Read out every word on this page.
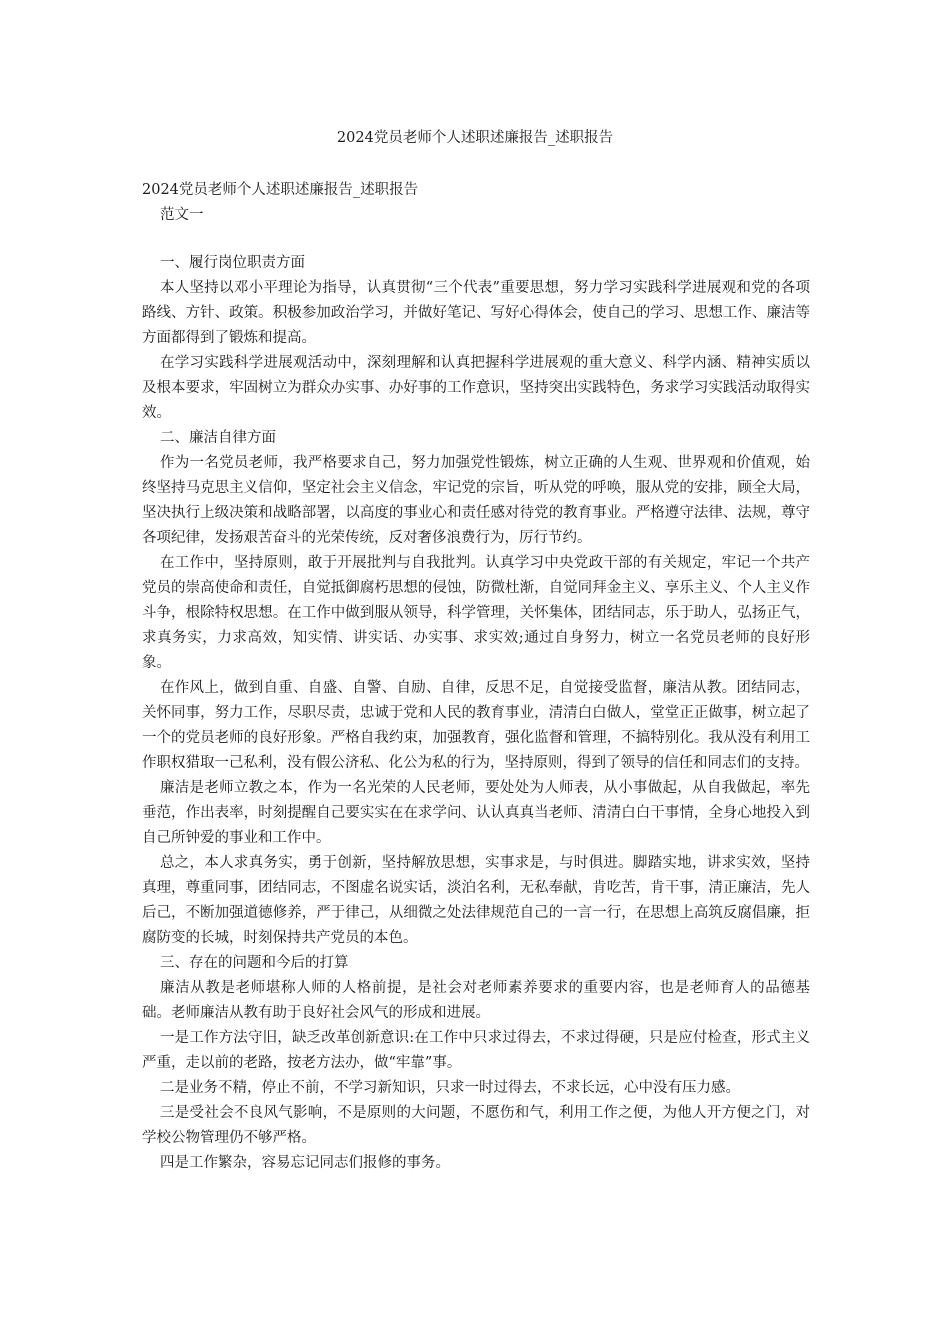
2024党员老师个人述职述廉报告_述职报告

2024党员老师个人述职述廉报告_述职报告

范文一

一、履行岗位职责方面

本人坚持以邓小平理论为指导，认真贯彻“三个代表”重要思想，努力学习实践科学进展观和党的各项路线、方针、政策。积极参加政治学习，并做好笔记、写好心得体会，使自己的学习、思想工作、廉洁等方面都得到了锻炼和提高。

在学习实践科学进展观活动中，深刻理解和认真把握科学进展观的重大意义、科学内涵、精神实质以及根本要求，牢固树立为群众办实事、办好事的工作意识，坚持突出实践特色，务求学习实践活动取得实效。

二、廉洁自律方面

作为一名党员老师，我严格要求自己，努力加强党性锻炼，树立正确的人生观、世界观和价值观，始终坚持马克思主义信仰，坚定社会主义信念，牢记党的宗旨，听从党的呼唤，服从党的安排，顾全大局，坚决执行上级决策和战略部署，以高度的事业心和责任感对待党的教育事业。严格遵守法律、法规，尊守各项纪律，发扬艰苦奋斗的光荣传统，反对奢侈浪费行为，厉行节约。

在工作中，坚持原则，敢于开展批判与自我批判。认真学习中央党政干部的有关规定，牢记一个共产党员的崇高使命和责任，自觉抵御腐朽思想的侵蚀，防微杜渐，自觉同拜金主义、享乐主义、个人主义作斗争，根除特权思想。在工作中做到服从领导，科学管理，关怀集体，团结同志，乐于助人，弘扬正气，求真务实，力求高效，知实情、讲实话、办实事、求实效;通过自身努力，树立一名党员老师的良好形象。

在作风上，做到自重、自盛、自警、自励、自律，反思不足，自觉接受监督，廉洁从教。团结同志，关怀同事，努力工作，尽职尽责，忠诚于党和人民的教育事业，清清白白做人，堂堂正正做事，树立起了一个的党员老师的良好形象。严格自我约束，加强教育，强化监督和管理，不搞特别化。我从没有利用工作职权猎取一己私利，没有假公济私、化公为私的行为，坚持原则，得到了领导的信任和同志们的支持。

廉洁是老师立教之本，作为一名光荣的人民老师，要处处为人师表，从小事做起，从自我做起，率先垂范，作出表率，时刻提醒自己要实实在在求学问、认认真真当老师、清清白白干事情，全身心地投入到自己所钟爱的事业和工作中。

总之，本人求真务实，勇于创新，坚持解放思想，实事求是，与时俱进。脚踏实地，讲求实效，坚持真理，尊重同事，团结同志，不图虚名说实话，淡泊名利，无私奉献，肯吃苦，肯干事，清正廉洁，先人后己，不断加强道德修养，严于律己，从细微之处法律规范自己的一言一行，在思想上高筑反腐倡廉，拒腐防变的长城，时刻保持共产党员的本色。

三、存在的问题和今后的打算

廉洁从教是老师堪称人师的人格前提，是社会对老师素养要求的重要内容，也是老师育人的品德基础。老师廉洁从教有助于良好社会风气的形成和进展。

一是工作方法守旧，缺乏改革创新意识:在工作中只求过得去，不求过得硬，只是应付检查，形式主义严重，走以前的老路，按老方法办，做“牢靠”事。

二是业务不精，停止不前，不学习新知识，只求一时过得去，不求长远，心中没有压力感。

三是受社会不良风气影响，不是原则的大问题，不愿伤和气，利用工作之便，为他人开方便之门，对学校公物管理仍不够严格。

四是工作繁杂，容易忘记同志们报修的事务。
